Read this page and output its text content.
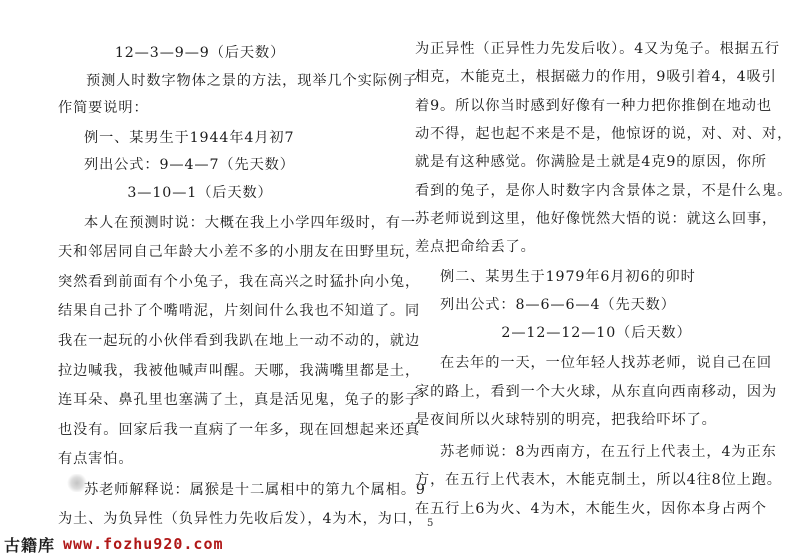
12—3—9—9（后天数）
预测人时数字物体之景的方法，现举几个实际例子
作简要说明：
例一、某男生于1944年4月初7
列出公式：9—4—7（先天数）
3—10—1（后天数）
本人在预测时说：大概在我上小学四年级时，有一
天和邻居同自己年龄大小差不多的小朋友在田野里玩，
突然看到前面有个小兔子，我在高兴之时猛扑向小兔，
结果自己扑了个嘴啃泥，片刻间什么我也不知道了。同
我在一起玩的小伙伴看到我趴在地上一动不动的，就边
拉边喊我，我被他喊声叫醒。天哪，我满嘴里都是土，
连耳朵、鼻孔里也塞满了土，真是活见鬼，兔子的影子
也没有。回家后我一直病了一年多，现在回想起来还真
有点害怕。
苏老师解释说：属猴是十二属相中的第九个属相。9
为土、为负异性（负异性力先收后发），4为木，为口，
为正异性（正异性力先发后收）。4又为兔子。根据五行
相克，木能克土，根据磁力的作用，9吸引着4，4吸引
着9。所以你当时感到好像有一种力把你推倒在地动也
动不得，起也起不来是不是，他惊讶的说，对、对、对，
就是有这种感觉。你满脸是土就是4克9的原因，你所
看到的兔子，是你人时数字内含景体之景，不是什么鬼。
苏老师说到这里，他好像恍然大悟的说：就这么回事，
差点把命给丢了。
例二、某男生于1979年6月初6的卯时
列出公式：8—6—6—4（先天数）
2—12—12—10（后天数）
在去年的一天，一位年轻人找苏老师，说自己在回
家的路上，看到一个大火球，从东直向西南移动，因为
是夜间所以火球特别的明亮，把我给吓坏了。
苏老师说：8为西南方，在五行上代表土，4为正东
方，在五行上代表木，木能克制土，所以4往8位上跑。
在五行上6为火、4为木，木能生火，因你本身占两个
5
古籍库 www.fozhu920.com
